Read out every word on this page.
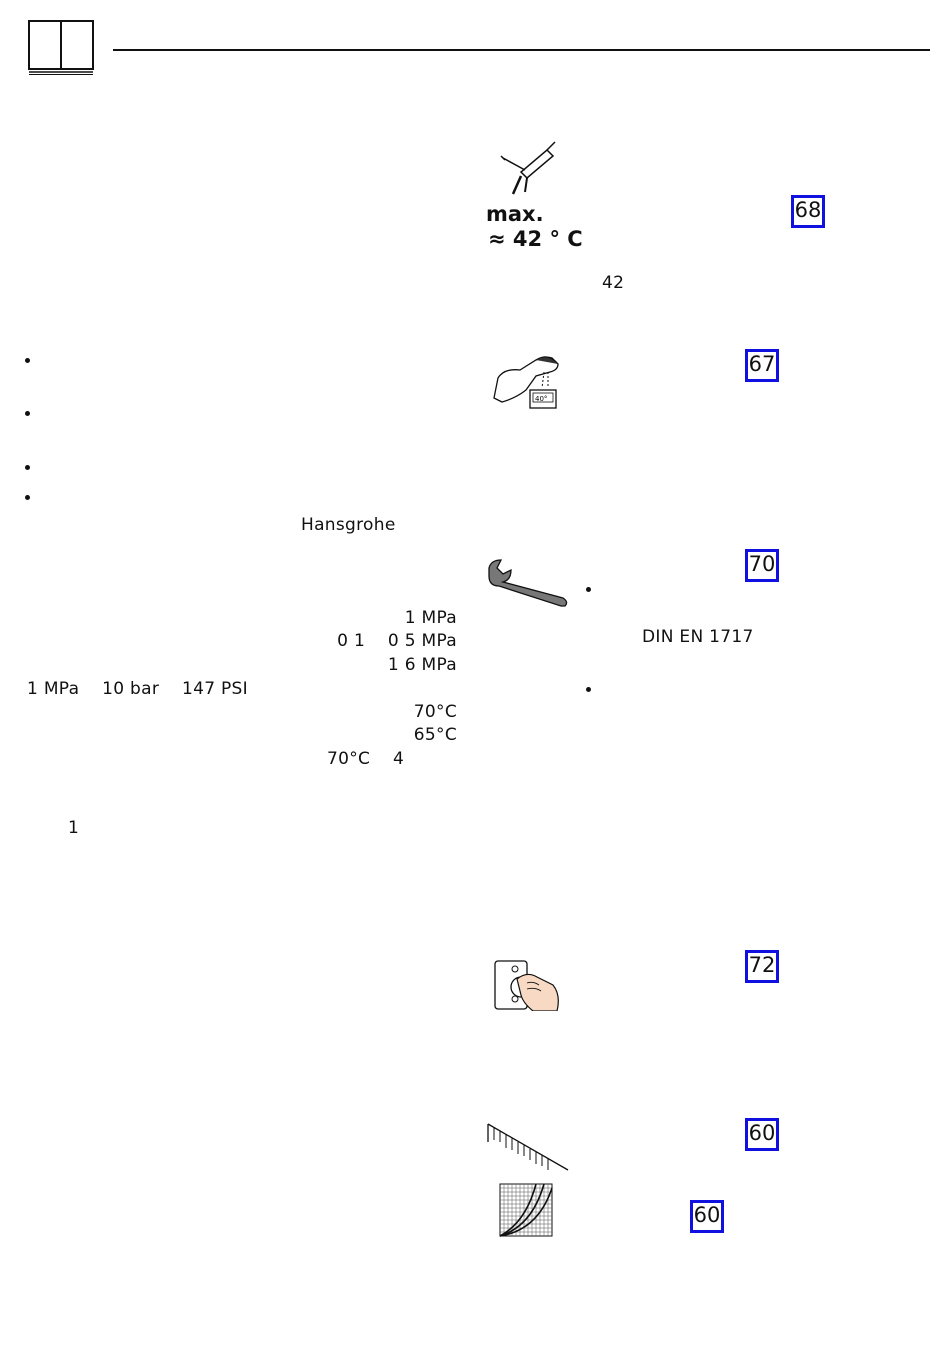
Hansgrohe
1 MPa
0 1    0 5 MPa
1 6 MPa
1 MPa    10 bar    147 PSI
70°C
65°C
70°C    4
1
max.
≈ 42 ° C
68
42
40°
67
70
DIN EN 1717
72
60
60
